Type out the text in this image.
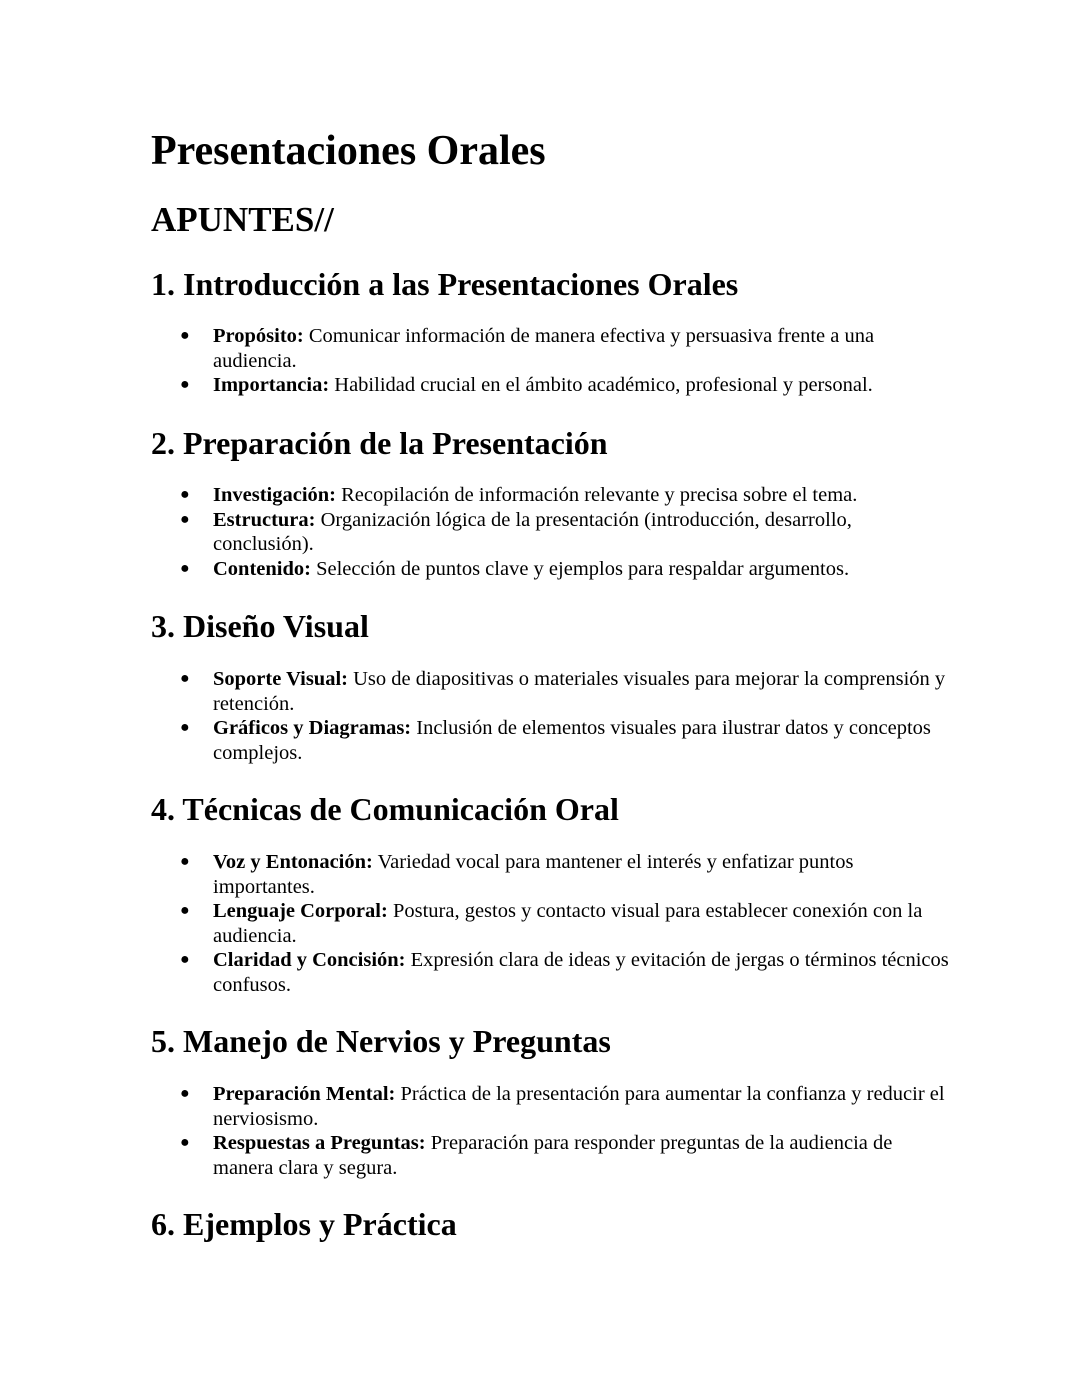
Presentaciones Orales
APUNTES//
1. Introducción a las Presentaciones Orales
● Propósito: Comunicar información de manera efectiva y persuasiva frente a una audiencia.
● Importancia: Habilidad crucial en el ámbito académico, profesional y personal.
2. Preparación de la Presentación
● Investigación: Recopilación de información relevante y precisa sobre el tema.
● Estructura: Organización lógica de la presentación (introducción, desarrollo, conclusión).
● Contenido: Selección de puntos clave y ejemplos para respaldar argumentos.
3. Diseño Visual
● Soporte Visual: Uso de diapositivas o materiales visuales para mejorar la comprensión y retención.
● Gráficos y Diagramas: Inclusión de elementos visuales para ilustrar datos y conceptos complejos.
4. Técnicas de Comunicación Oral
● Voz y Entonación: Variedad vocal para mantener el interés y enfatizar puntos importantes.
● Lenguaje Corporal: Postura, gestos y contacto visual para establecer conexión con la audiencia.
● Claridad y Concisión: Expresión clara de ideas y evitación de jergas o términos técnicos confusos.
5. Manejo de Nervios y Preguntas
● Preparación Mental: Práctica de la presentación para aumentar la confianza y reducir el nerviosismo.
● Respuestas a Preguntas: Preparación para responder preguntas de la audiencia de manera clara y segura.
6. Ejemplos y Práctica
